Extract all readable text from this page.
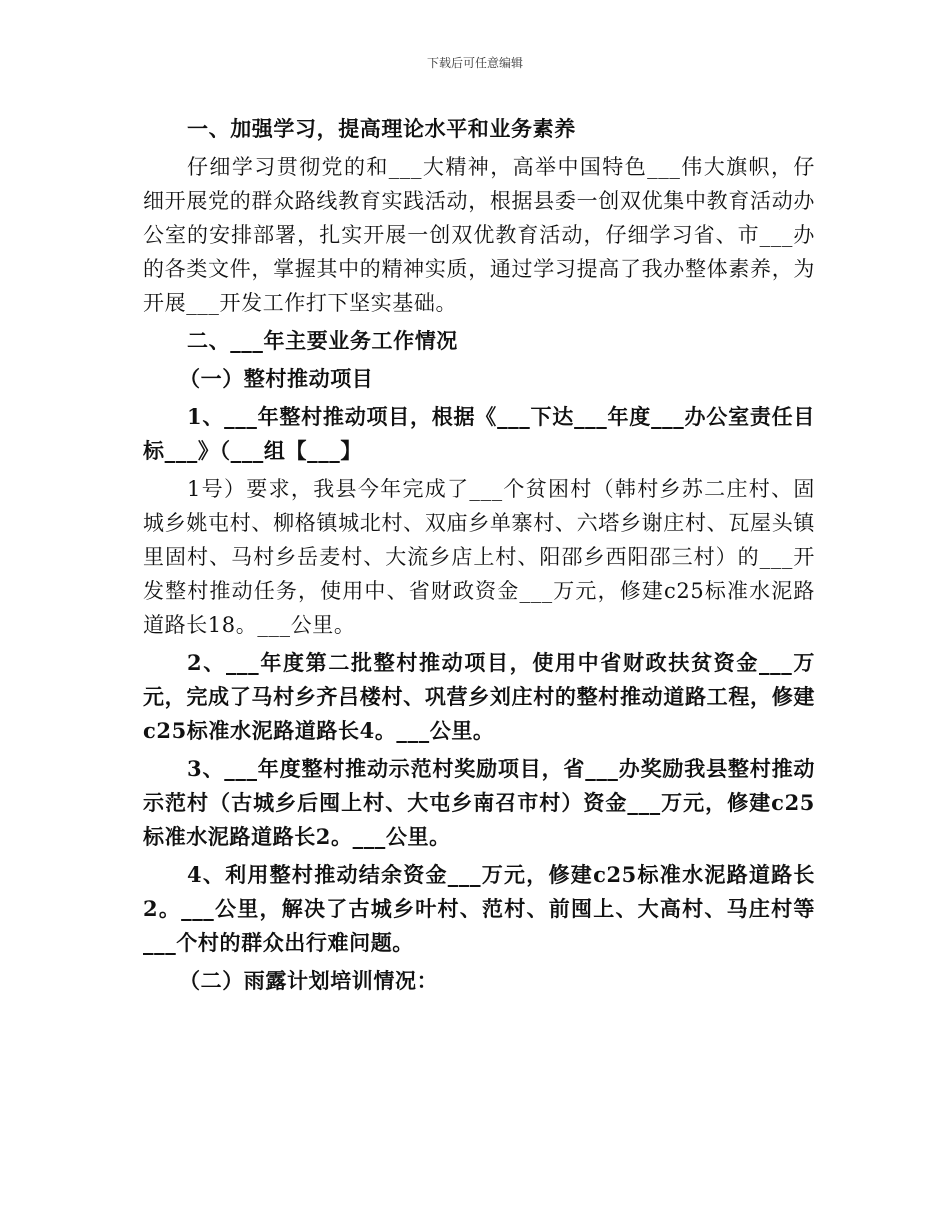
下载后可任意编辑
一、加强学习，提高理论水平和业务素养
仔细学习贯彻党的和___大精神，高举中国特色___伟大旗帜，仔细开展党的群众路线教育实践活动，根据县委一创双优集中教育活动办公室的安排部署，扎实开展一创双优教育活动，仔细学习省、市___办的各类文件，掌握其中的精神实质，通过学习提高了我办整体素养，为开展___开发工作打下坚实基础。
二、___年主要业务工作情况
（一）整村推动项目
1、___年整村推动项目，根据《___下达___年度___办公室责任目标___》（___组【___】
1号）要求，我县今年完成了___个贫困村（韩村乡苏二庄村、固城乡姚屯村、柳格镇城北村、双庙乡单寨村、六塔乡谢庄村、瓦屋头镇里固村、马村乡岳麦村、大流乡店上村、阳邵乡西阳邵三村）的___开发整村推动任务，使用中、省财政资金___万元，修建c25标准水泥路道路长18。___公里。
2、___年度第二批整村推动项目，使用中省财政扶贫资金___万元，完成了马村乡齐吕楼村、巩营乡刘庄村的整村推动道路工程，修建c25标准水泥路道路长4。___公里。
3、___年度整村推动示范村奖励项目，省___办奖励我县整村推动示范村（古城乡后囤上村、大屯乡南召市村）资金___万元，修建c25标准水泥路道路长2。___公里。
4、利用整村推动结余资金___万元，修建c25标准水泥路道路长2。___公里，解决了古城乡叶村、范村、前囤上、大高村、马庄村等___个村的群众出行难问题。
（二）雨露计划培训情况：
